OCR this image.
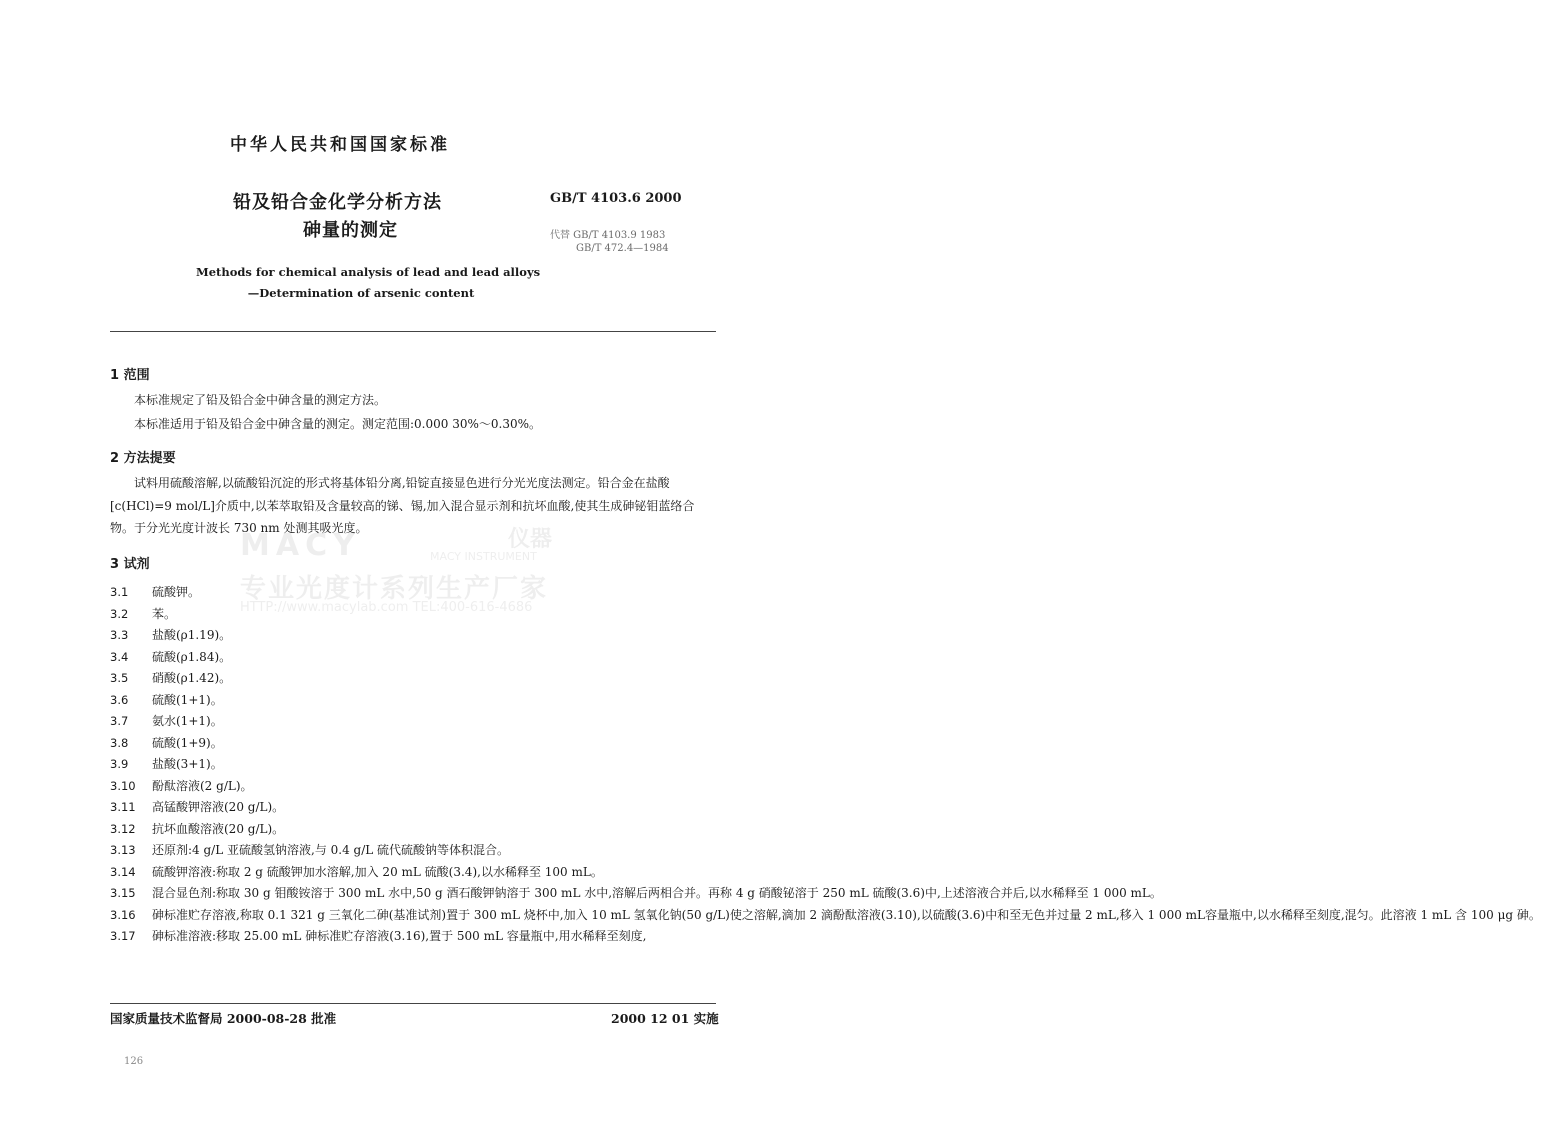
中华人民共和国国家标准
铅及铅合金化学分析方法
砷量的测定
GB/T 4103.6 2000
代替 GB/T 4103.9 1983
GB/T 472.4—1984
Methods for chemical analysis of lead and lead alloys
—Determination of arsenic content
MACY	仪器
MACY INSTRUMENT
专业光度计系列生产厂家
HTTP://www.macylab.com TEL:400-616-4686
1 范围
本标准规定了铅及铅合金中砷含量的测定方法。
本标准适用于铅及铅合金中砷含量的测定。测定范围:0.000 30%～0.30%。
2 方法提要
试料用硫酸溶解,以硫酸铅沉淀的形式将基体铅分离,铅锭直接显色进行分光光度法测定。铅合金在盐酸[c(HCl)=9 mol/L]介质中,以苯萃取铅及含量较高的锑、锡,加入混合显示剂和抗坏血酸,使其生成砷铋钼蓝络合物。于分光光度计波长 730 nm 处测其吸光度。
3 试剂
3.1	硫酸钾。
3.2	苯。
3.3	盐酸(ρ1.19)。
3.4	硫酸(ρ1.84)。
3.5	硝酸(ρ1.42)。
3.6	硫酸(1+1)。
3.7	氨水(1+1)。
3.8	硫酸(1+9)。
3.9	盐酸(3+1)。
3.10	酚酞溶液(2 g/L)。
3.11	高锰酸钾溶液(20 g/L)。
3.12	抗坏血酸溶液(20 g/L)。
3.13	还原剂:4 g/L 亚硫酸氢钠溶液,与 0.4 g/L 硫代硫酸钠等体积混合。
3.14	硫酸钾溶液:称取 2 g 硫酸钾加水溶解,加入 20 mL 硫酸(3.4),以水稀释至 100 mL。
3.15	混合显色剂:称取 30 g 钼酸铵溶于 300 mL 水中,50 g 酒石酸钾钠溶于 300 mL 水中,溶解后两相合并。再称 4 g 硝酸铋溶于 250 mL 硫酸(3.6)中,上述溶液合并后,以水稀释至 1 000 mL。
3.16	砷标准贮存溶液,称取 0.1 321 g 三氧化二砷(基准试剂)置于 300 mL 烧杯中,加入 10 mL 氢氧化钠(50 g/L)使之溶解,滴加 2 滴酚酞溶液(3.10),以硫酸(3.6)中和至无色并过量 2 mL,移入 1 000 mL容量瓶中,以水稀释至刻度,混匀。此溶液 1 mL 含 100 μg 砷。
3.17	砷标准溶液:移取 25.00 mL 砷标准贮存溶液(3.16),置于 500 mL 容量瓶中,用水稀释至刻度,
国家质量技术监督局 2000-08-28 批准	2000 12 01 实施
126
